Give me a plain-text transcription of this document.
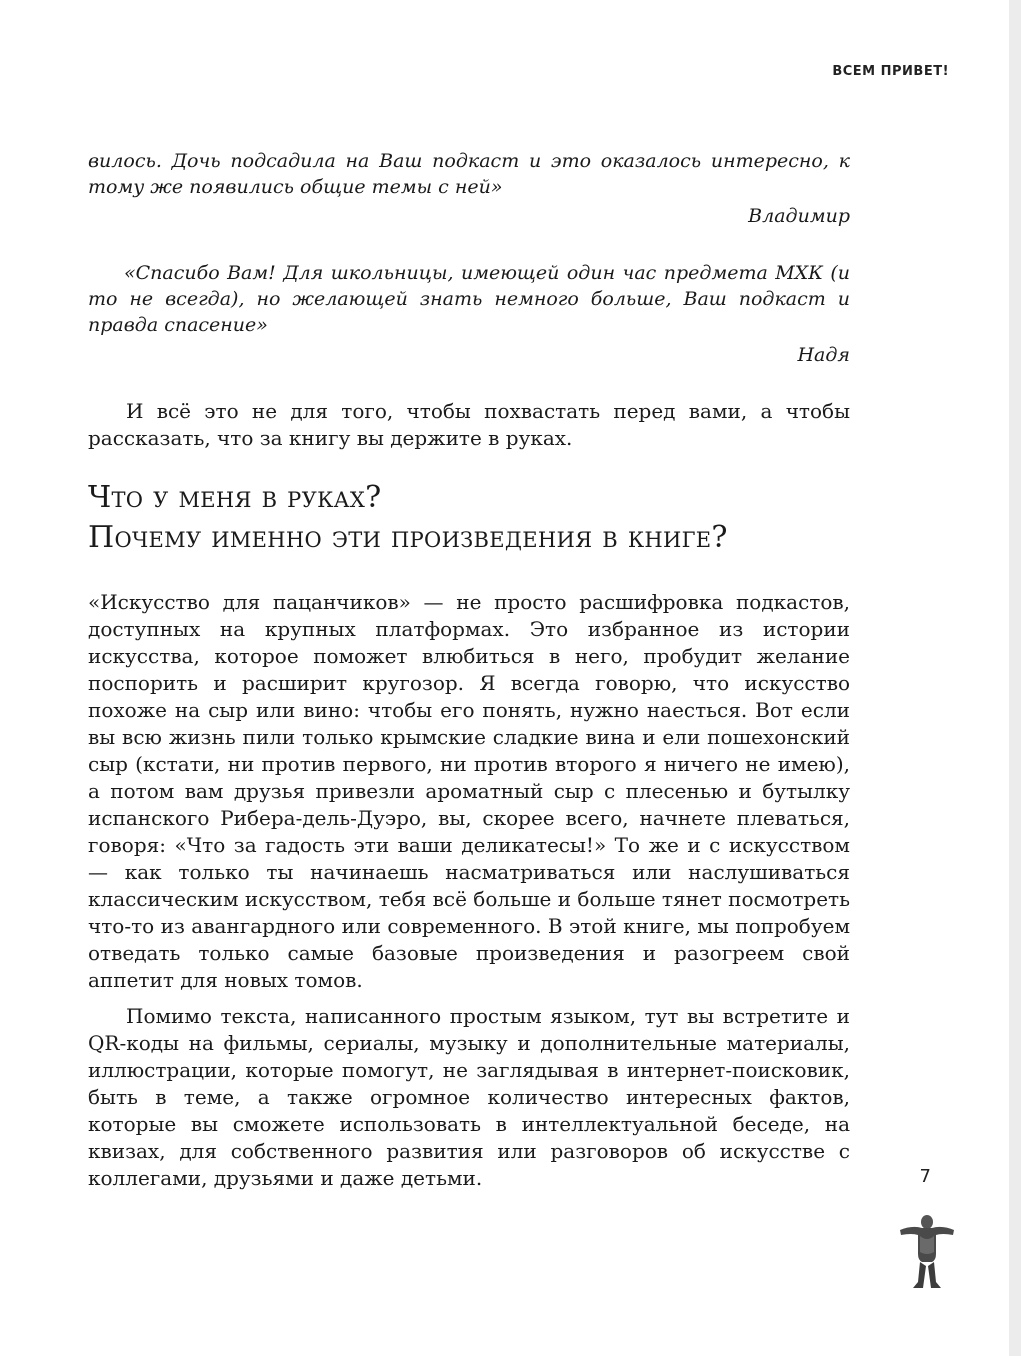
ВСЕМ ПРИВЕТ!

вилось. Дочь подсадила на Ваш подкаст и это оказалось интересно, к тому же появились общие темы с ней»

Владимир

«Спасибо Вам! Для школьницы, имеющей один час предмета МХК (и то не всегда), но желающей знать немного больше, Ваш подкаст и правда спасение»

Надя

И всё это не для того, чтобы похвастать перед вами, а чтобы рассказать, что за книгу вы держите в руках.

Что у меня в руках?
Почему именно эти произведения в книге?

«Искусство для пацанчиков» — не просто расшифровка подкастов, доступных на крупных платформах. Это избранное из истории искусства, которое поможет влюбиться в него, пробудит желание поспорить и расширит кругозор. Я всегда говорю, что искусство похоже на сыр или вино: чтобы его понять, нужно наесться. Вот если вы всю жизнь пили только крымские сладкие вина и ели пошехонский сыр (кстати, ни против первого, ни против второго я ничего не имею), а потом вам друзья привезли ароматный сыр с плесенью и бутылку испанского Рибера-дель-Дуэро, вы, скорее всего, начнете плеваться, говоря: «Что за гадость эти ваши деликатесы!» То же и с искусством — как только ты начинаешь насматриваться или наслушиваться классическим искусством, тебя всё больше и больше тянет посмотреть что-то из авангардного или современного. В этой книге, мы попробуем отведать только самые базовые произведения и разогреем свой аппетит для новых томов.

Помимо текста, написанного простым языком, тут вы встретите и QR-коды на фильмы, сериалы, музыку и дополнительные материалы, иллюстрации, которые помогут, не заглядывая в интернет-поисковик, быть в теме, а также огромное количество интересных фактов, которые вы сможете использовать в интеллектуальной беседе, на квизах, для собственного развития или разговоров об искусстве с коллегами, друзьями и даже детьми.	7
